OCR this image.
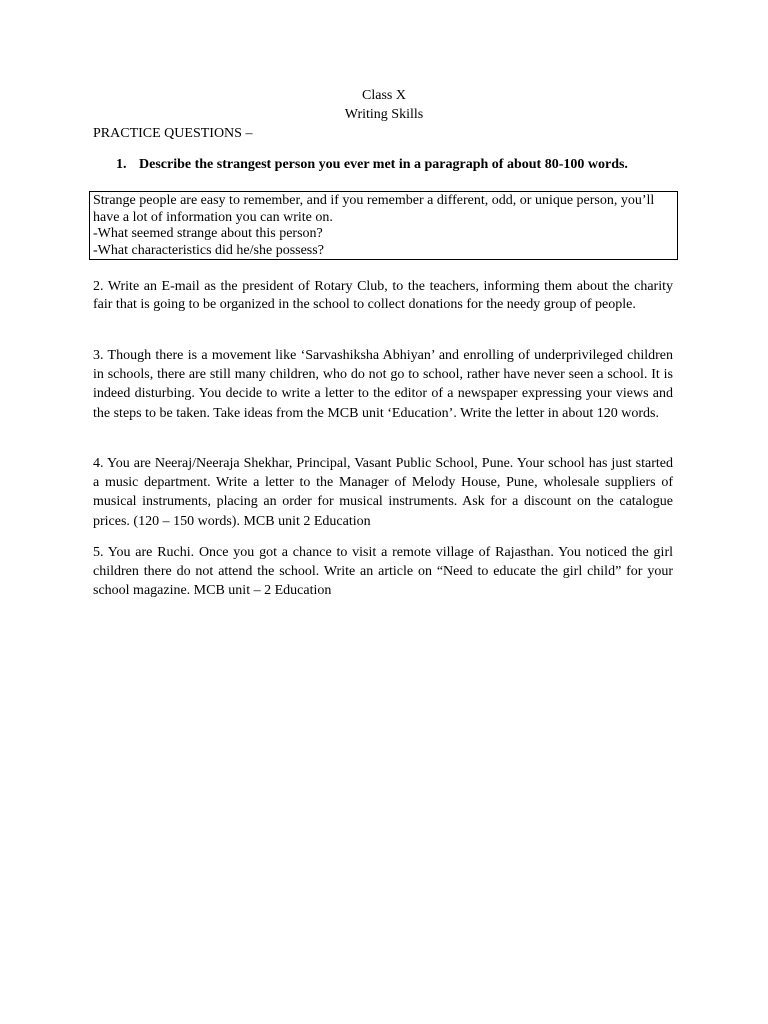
Class X
Writing Skills
PRACTICE QUESTIONS –
1. Describe the strangest person you ever met in a paragraph of about 80-100 words.
Strange people are easy to remember, and if you remember a different, odd, or unique person, you’ll have a lot of information you can write on.
-What seemed strange about this person?
-What characteristics did he/she possess?
2. Write an E-mail as the president of Rotary Club, to the teachers, informing them about the charity fair that is going to be organized in the school to collect donations for the needy group of people.
3. Though there is a movement like ‘Sarvashiksha Abhiyan’ and enrolling of underprivileged children in schools, there are still many children, who do not go to school, rather have never seen a school. It is indeed disturbing. You decide to write a letter to the editor of a newspaper expressing your views and the steps to be taken. Take ideas from the MCB unit ‘Education’. Write the letter in about 120 words.
4. You are Neeraj/Neeraja Shekhar, Principal, Vasant Public School, Pune. Your school has just started a music department. Write a letter to the Manager of Melody House, Pune, wholesale suppliers of musical instruments, placing an order for musical instruments. Ask for a discount on the catalogue prices. (120 – 150 words). MCB unit 2 Education
5. You are Ruchi. Once you got a chance to visit a remote village of Rajasthan. You noticed the girl children there do not attend the school. Write an article on “Need to educate the girl child” for your school magazine. MCB unit – 2 Education
